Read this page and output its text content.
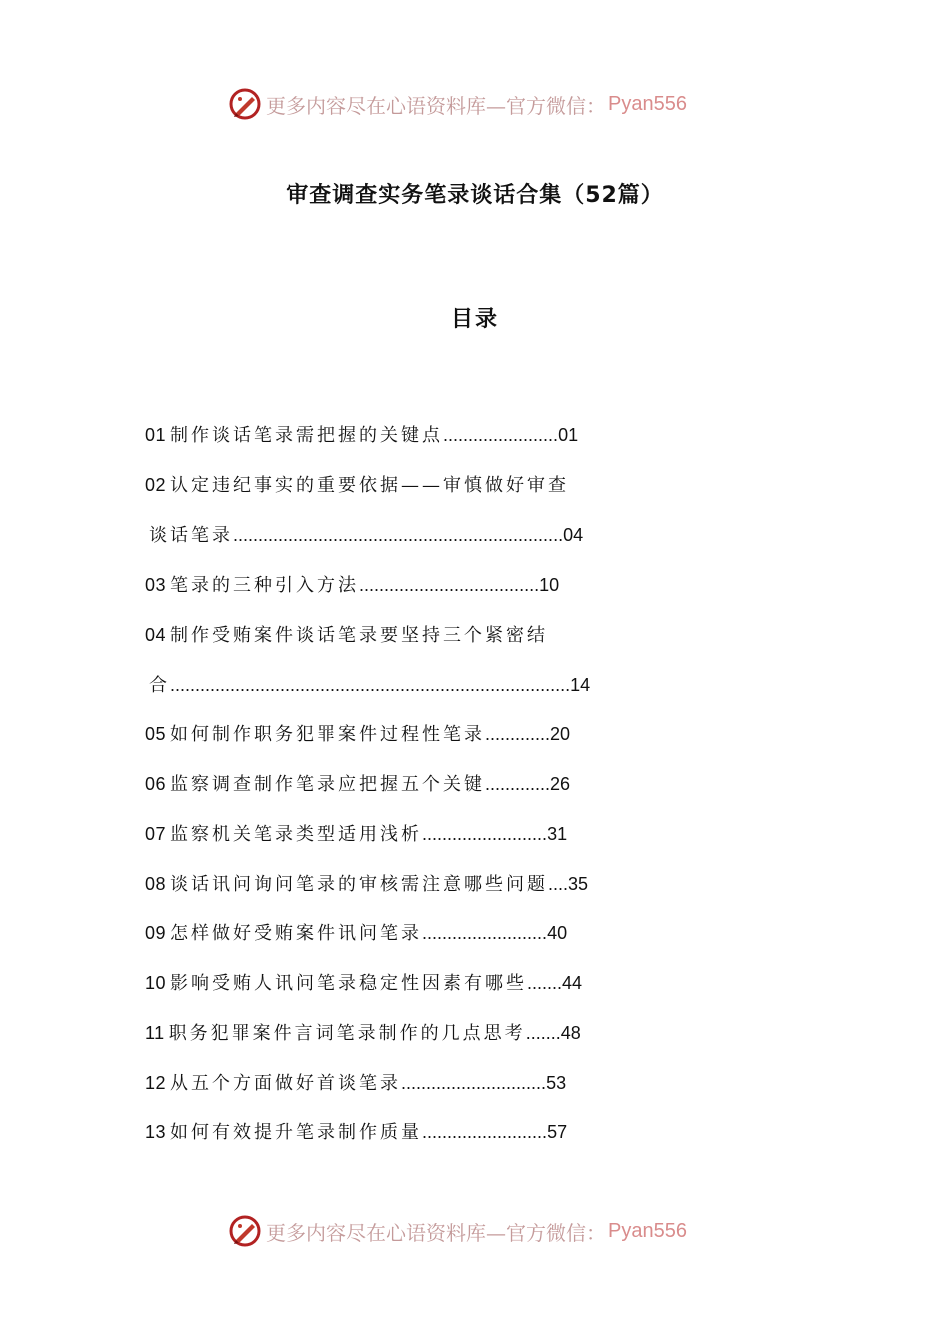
更多内容尽在心语资料库—官方微信： Pyan556
审查调查实务笔录谈话合集（52篇）
目录
01 制作谈话笔录需把握的关键点.......................01
02 认定违纪事实的重要依据——审慎做好审查
谈话笔录..................................................................04
03 笔录的三种引入方法....................................10
04 制作受贿案件谈话笔录要坚持三个紧密结
合................................................................................14
05 如何制作职务犯罪案件过程性笔录.............20
06 监察调查制作笔录应把握五个关键.............26
07 监察机关笔录类型适用浅析.........................31
08 谈话讯问询问笔录的审核需注意哪些问题....35
09 怎样做好受贿案件讯问笔录.........................40
10 影响受贿人讯问笔录稳定性因素有哪些.......44
11 职务犯罪案件言词笔录制作的几点思考.......48
12 从五个方面做好首谈笔录.............................53
13 如何有效提升笔录制作质量.........................57
更多内容尽在心语资料库—官方微信： Pyan556
